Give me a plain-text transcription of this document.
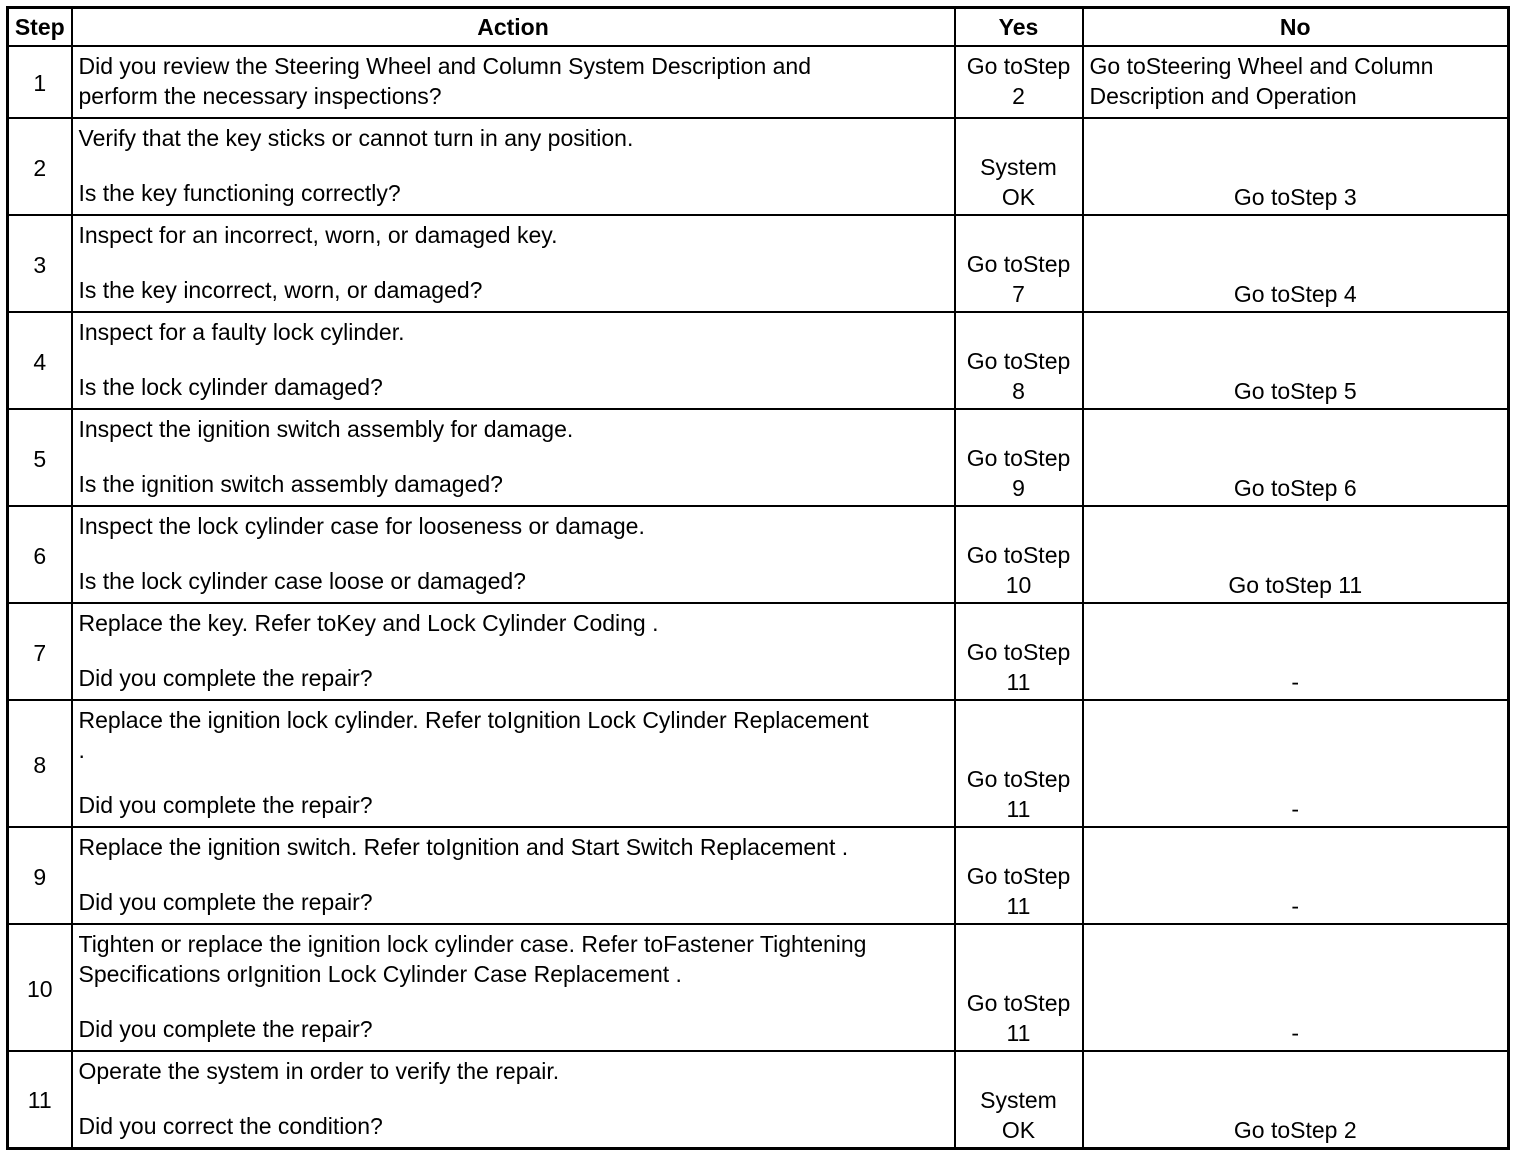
Step	Action	Yes	No
1	Did you review the Steering Wheel and Column System Description and
perform the necessary inspections?	Go toStep 2	Go toSteering Wheel and Column Description and Operation
2	Verify that the key sticks or cannot turn in any position.
Is the key functioning correctly?	System OK	Go toStep 3
3	Inspect for an incorrect, worn, or damaged key.
Is the key incorrect, worn, or damaged?	Go toStep 7	Go toStep 4
4	Inspect for a faulty lock cylinder.
Is the lock cylinder damaged?	Go toStep 8	Go toStep 5
5	Inspect the ignition switch assembly for damage.
Is the ignition switch assembly damaged?	Go toStep 9	Go toStep 6
6	Inspect the lock cylinder case for looseness or damage.
Is the lock cylinder case loose or damaged?	Go toStep 10	Go toStep 11
7	Replace the key. Refer toKey and Lock Cylinder Coding .
Did you complete the repair?	Go toStep 11	-
8	Replace the ignition lock cylinder. Refer toIgnition Lock Cylinder Replacement
.
Did you complete the repair?	Go toStep 11	-
9	Replace the ignition switch. Refer toIgnition and Start Switch Replacement .
Did you complete the repair?	Go toStep 11	-
10	Tighten or replace the ignition lock cylinder case. Refer toFastener Tightening
Specifications orIgnition Lock Cylinder Case Replacement .
Did you complete the repair?	Go toStep 11	-
11	Operate the system in order to verify the repair.
Did you correct the condition?	System OK	Go toStep 2
